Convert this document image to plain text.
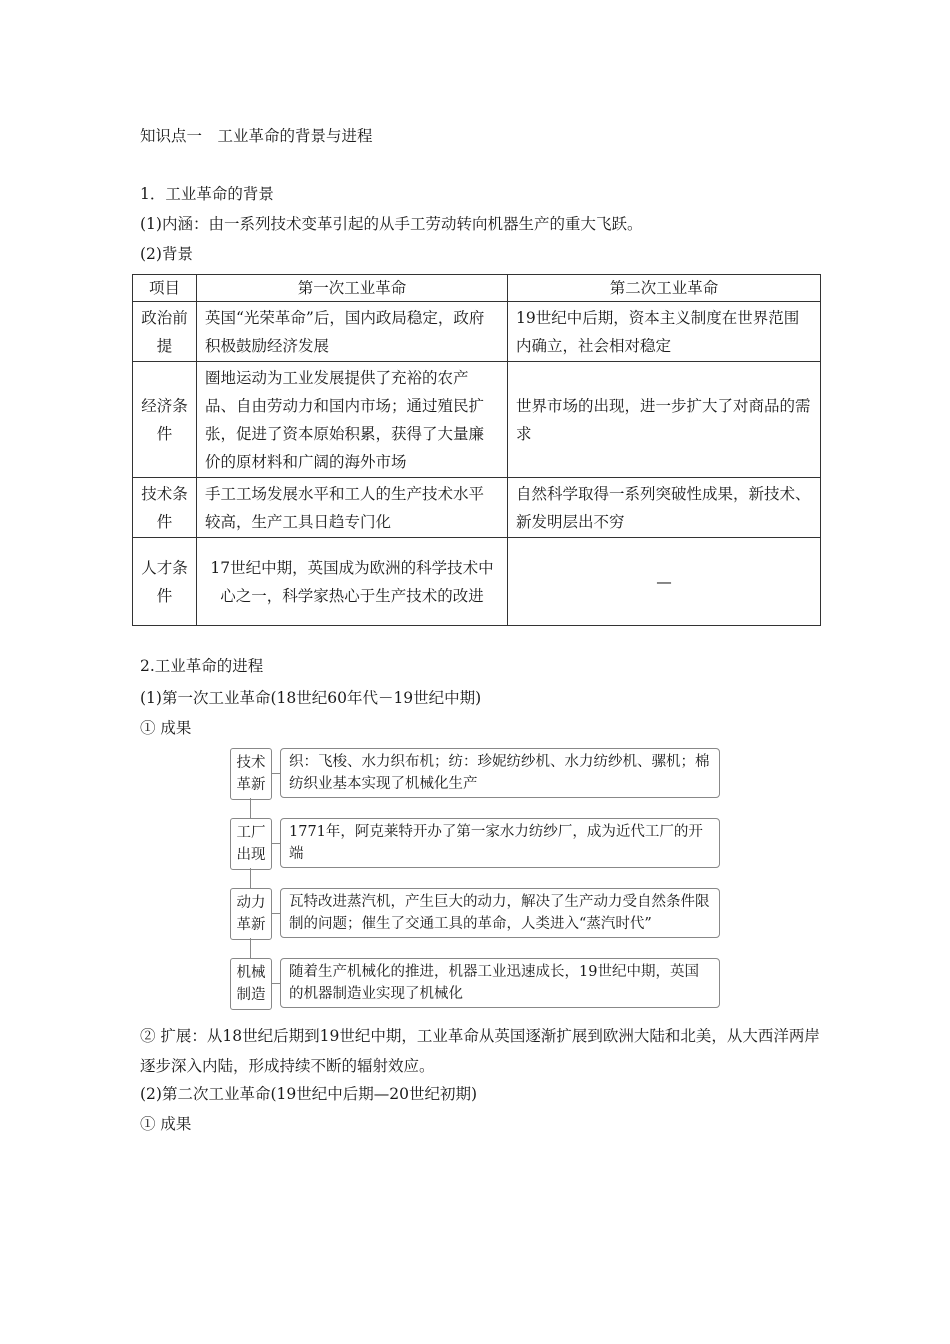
知识点一　工业革命的背景与进程
1．工业革命的背景
(1)内涵：由一系列技术变革引起的从手工劳动转向机器生产的重大飞跃。
(2)背景
项目	第一次工业革命	第二次工业革命
政治前提	英国“光荣革命”后，国内政局稳定，政府积极鼓励经济发展	19世纪中后期，资本主义制度在世界范围内确立，社会相对稳定
经济条件	圈地运动为工业发展提供了充裕的农产品、自由劳动力和国内市场；通过殖民扩张，促进了资本原始积累，获得了大量廉价的原材料和广阔的海外市场	世界市场的出现，进一步扩大了对商品的需求
技术条件	手工工场发展水平和工人的生产技术水平较高，生产工具日趋专门化	自然科学取得一系列突破性成果，新技术、新发明层出不穷
人才条件	17世纪中期，英国成为欧洲的科学技术中心之一，科学家热心于生产技术的改进	—
2.工业革命的进程
(1)第一次工业革命(18世纪60年代－19世纪中期)
① 成果
技术革新
织：飞梭、水力织布机；纺：珍妮纺纱机、水力纺纱机、骡机；棉纺织业基本实现了机械化生产
工厂出现
1771年，阿克莱特开办了第一家水力纺纱厂，成为近代工厂的开端
动力革新
瓦特改进蒸汽机，产生巨大的动力，解决了生产动力受自然条件限制的问题；催生了交通工具的革命，人类进入“蒸汽时代”
机械制造
随着生产机械化的推进，机器工业迅速成长，19世纪中期，英国的机器制造业实现了机械化
② 扩展：从18世纪后期到19世纪中期，工业革命从英国逐渐扩展到欧洲大陆和北美，从大西洋两岸逐步深入内陆，形成持续不断的辐射效应。
(2)第二次工业革命(19世纪中后期—20世纪初期)
① 成果
